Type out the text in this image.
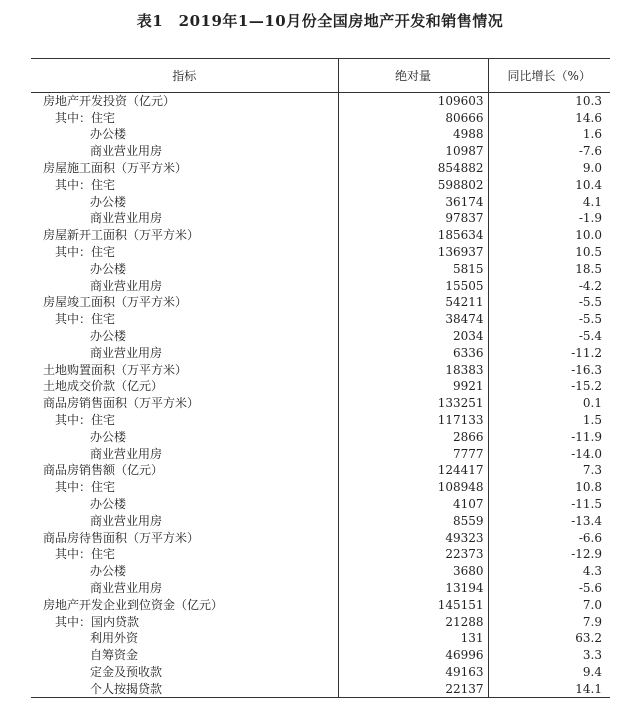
表1　2019年1—10月份全国房地产开发和销售情况
指标	绝对量	同比增长（%）
房地产开发投资（亿元）	109603	10.3
其中：住宅	80666	14.6
办公楼	4988	1.6
商业营业用房	10987	-7.6
房屋施工面积（万平方米）	854882	9.0
其中：住宅	598802	10.4
办公楼	36174	4.1
商业营业用房	97837	-1.9
房屋新开工面积（万平方米）	185634	10.0
其中：住宅	136937	10.5
办公楼	5815	18.5
商业营业用房	15505	-4.2
房屋竣工面积（万平方米）	54211	-5.5
其中：住宅	38474	-5.5
办公楼	2034	-5.4
商业营业用房	6336	-11.2
土地购置面积（万平方米）	18383	-16.3
土地成交价款（亿元）	9921	-15.2
商品房销售面积（万平方米）	133251	0.1
其中：住宅	117133	1.5
办公楼	2866	-11.9
商业营业用房	7777	-14.0
商品房销售额（亿元）	124417	7.3
其中：住宅	108948	10.8
办公楼	4107	-11.5
商业营业用房	8559	-13.4
商品房待售面积（万平方米）	49323	-6.6
其中：住宅	22373	-12.9
办公楼	3680	4.3
商业营业用房	13194	-5.6
房地产开发企业到位资金（亿元）	145151	7.0
其中：国内贷款	21288	7.9
利用外资	131	63.2
自筹资金	46996	3.3
定金及预收款	49163	9.4
个人按揭贷款	22137	14.1
